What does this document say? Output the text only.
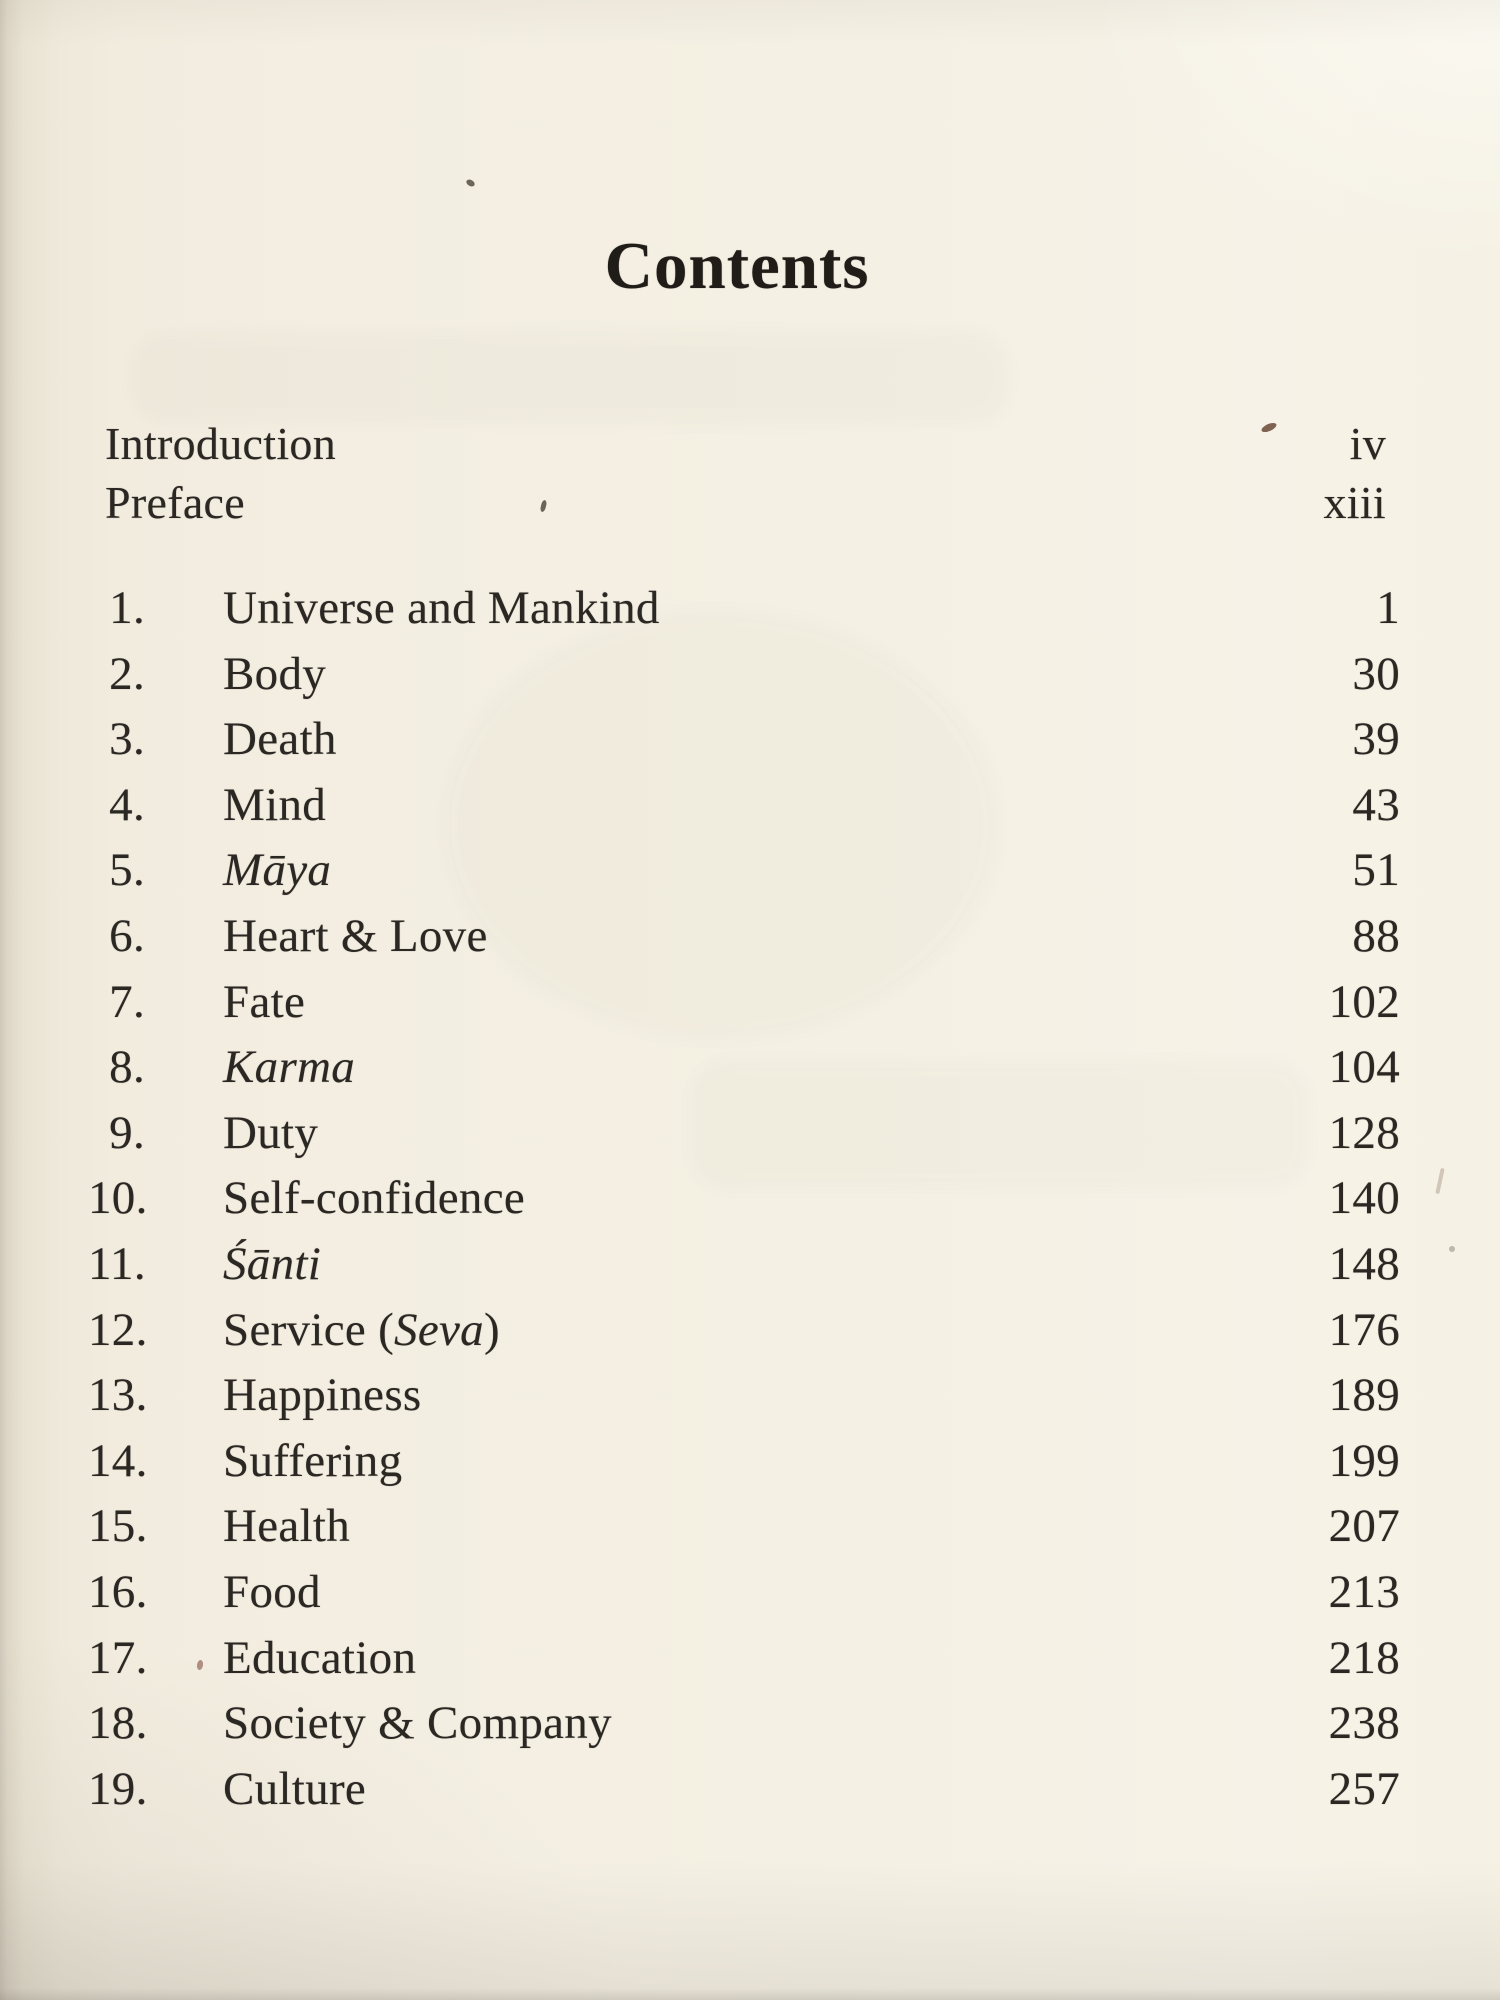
Contents
Introduction	iv
Preface	xiii
1. Universe and Mankind	1
2. Body	30
3. Death	39
4. Mind	43
5. Māya	51
6. Heart & Love	88
7. Fate	102
8. Karma	104
9. Duty	128
10. Self-confidence	140
11. Śānti	148
12. Service (Seva)	176
13. Happiness	189
14. Suffering	199
15. Health	207
16. Food	213
17. Education	218
18. Society & Company	238
19. Culture	257
